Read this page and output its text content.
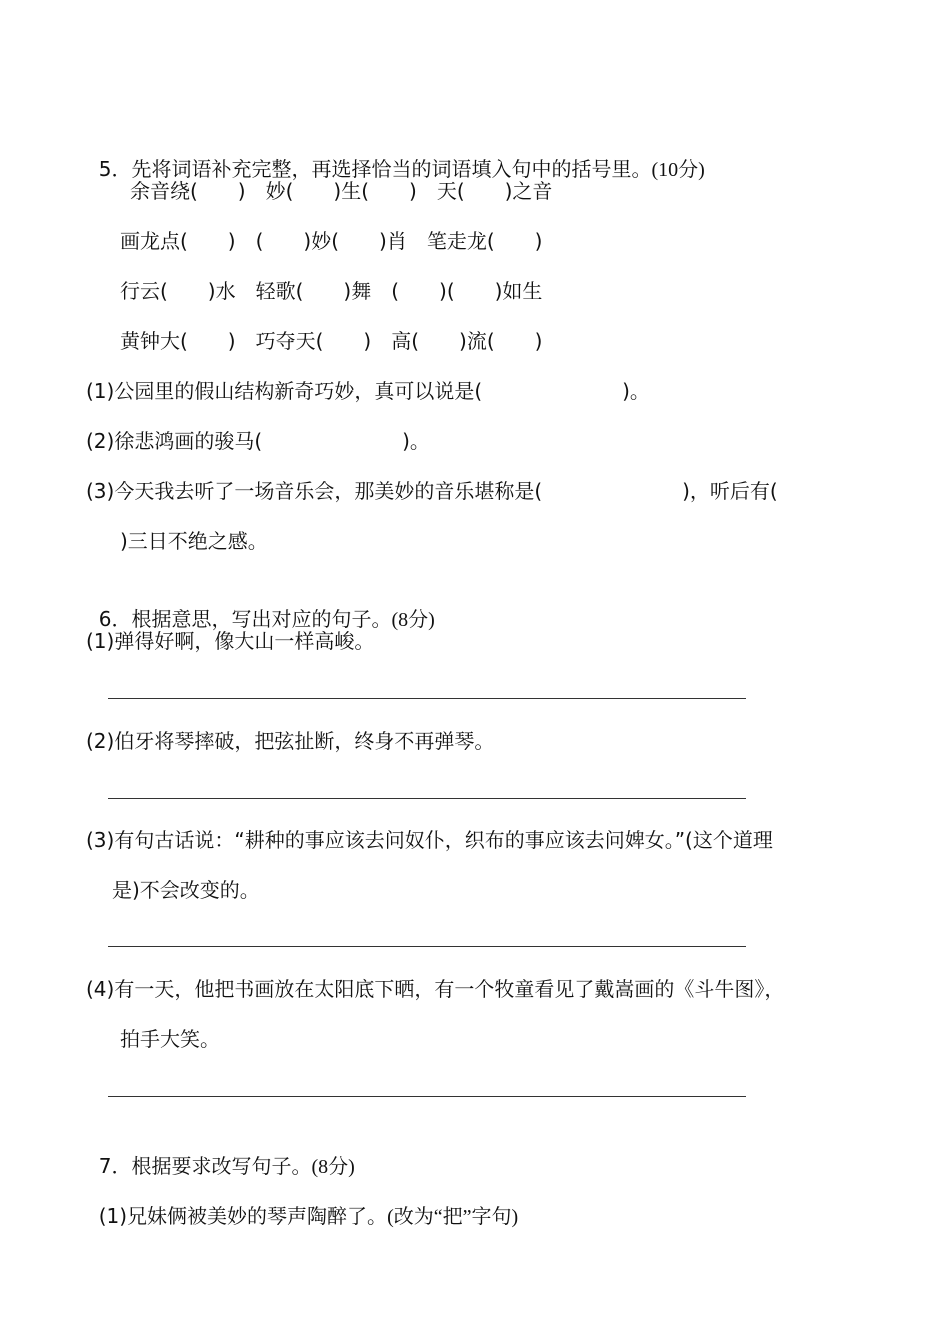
5．先将词语补充完整，再选择恰当的词语填入句中的括号里。(10分)

余音绕(　　)　妙(　　)生(　　)　天(　　)之音
画龙点(　　)　(　　)妙(　　)肖　笔走龙(　　)
行云(　　)水　轻歌(　　)舞　(　　)(　　)如生
黄钟大(　　)　巧夺天(　　)　高(　　)流(　　)
(1)公园里的假山结构新奇巧妙，真可以说是(　　　　　　　)。
(2)徐悲鸿画的骏马(　　　　　　　)。
(3)今天我去听了一场音乐会，那美妙的音乐堪称是(　　　　　　　)，听后有(
)三日不绝之感。

6．根据意思，写出对应的句子。(8分)

(1)弹得好啊，像大山一样高峻。
(2)伯牙将琴摔破，把弦扯断，终身不再弹琴。
(3)有句古话说：“耕种的事应该去问奴仆，织布的事应该去问婢女。”(这个道理
是)不会改变的。
(4)有一天，他把书画放在太阳底下晒，有一个牧童看见了戴嵩画的《斗牛图》，
拍手大笑。

7．根据要求改写句子。(8分)

(1)兄妹俩被美妙的琴声陶醉了。(改为“把”字句)
